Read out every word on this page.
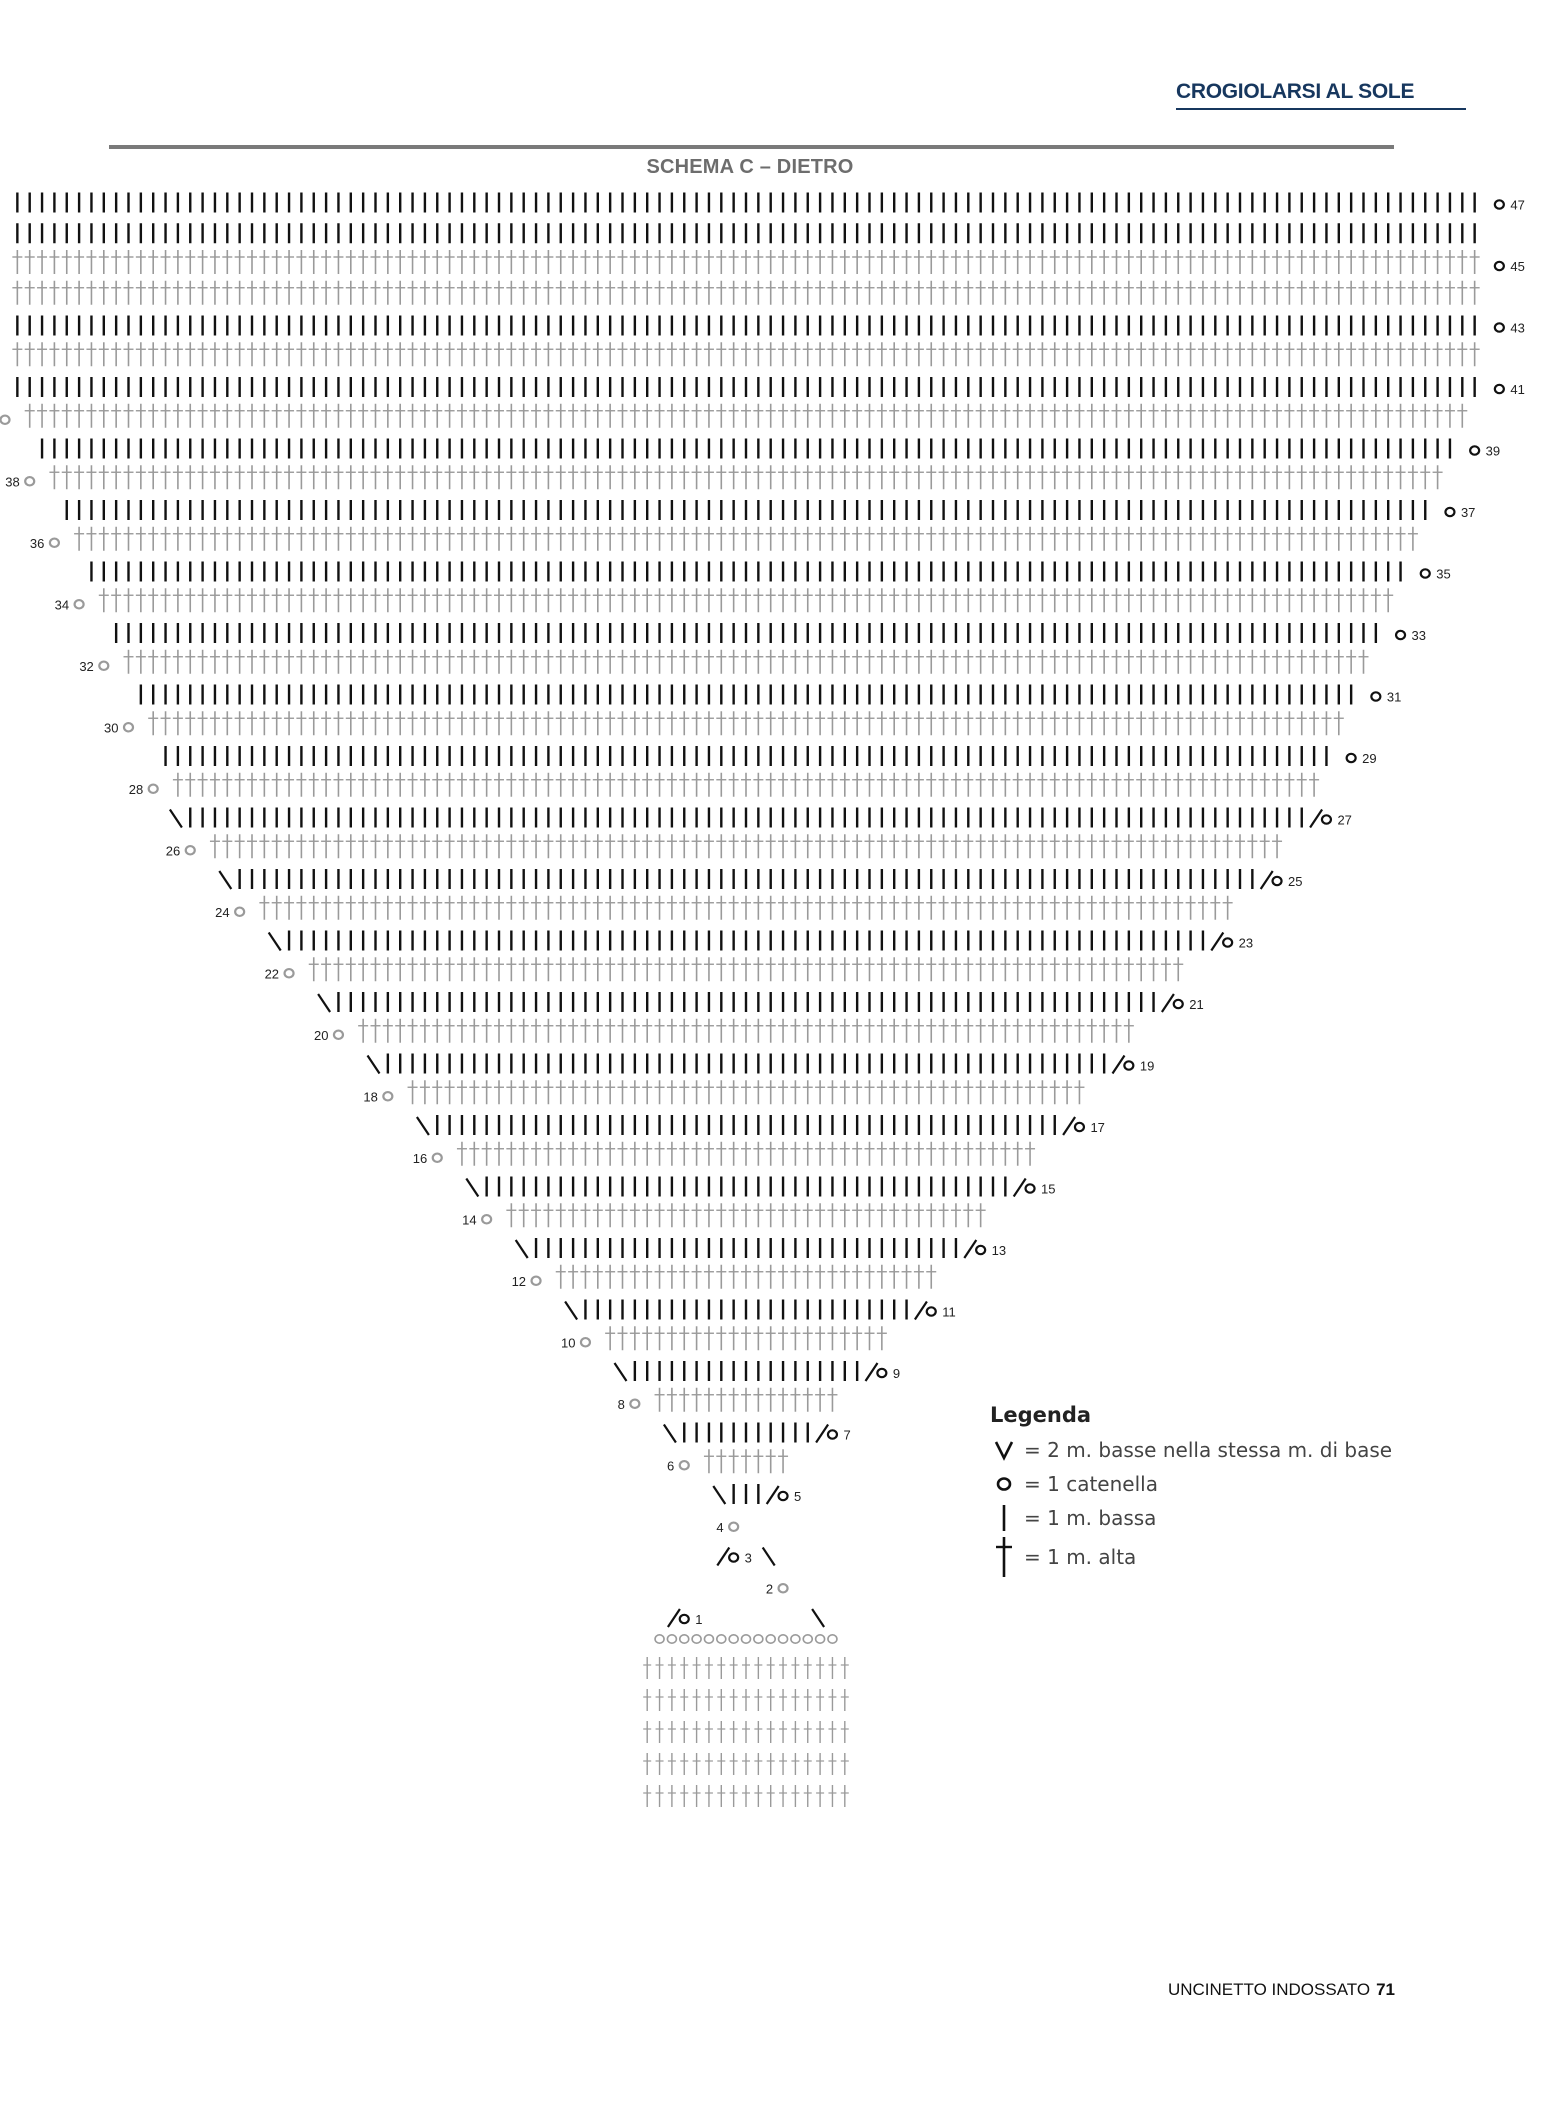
CROGIOLARSI AL SOLE
SCHEMA C – DIETRO
47
45
43
41
39
38
37
36
35
34
33
32
31
30
29
28
27
26
25
24
23
22
21
20
19
18
17
16
15
14
13
12
11
10
9
8
7
6
5
4
3
2
1
Legenda
= 2 m. basse nella stessa m. di base
= 1 catenella
= 1 m. bassa
= 1 m. alta
UNCINETTO INDOSSATO 71
